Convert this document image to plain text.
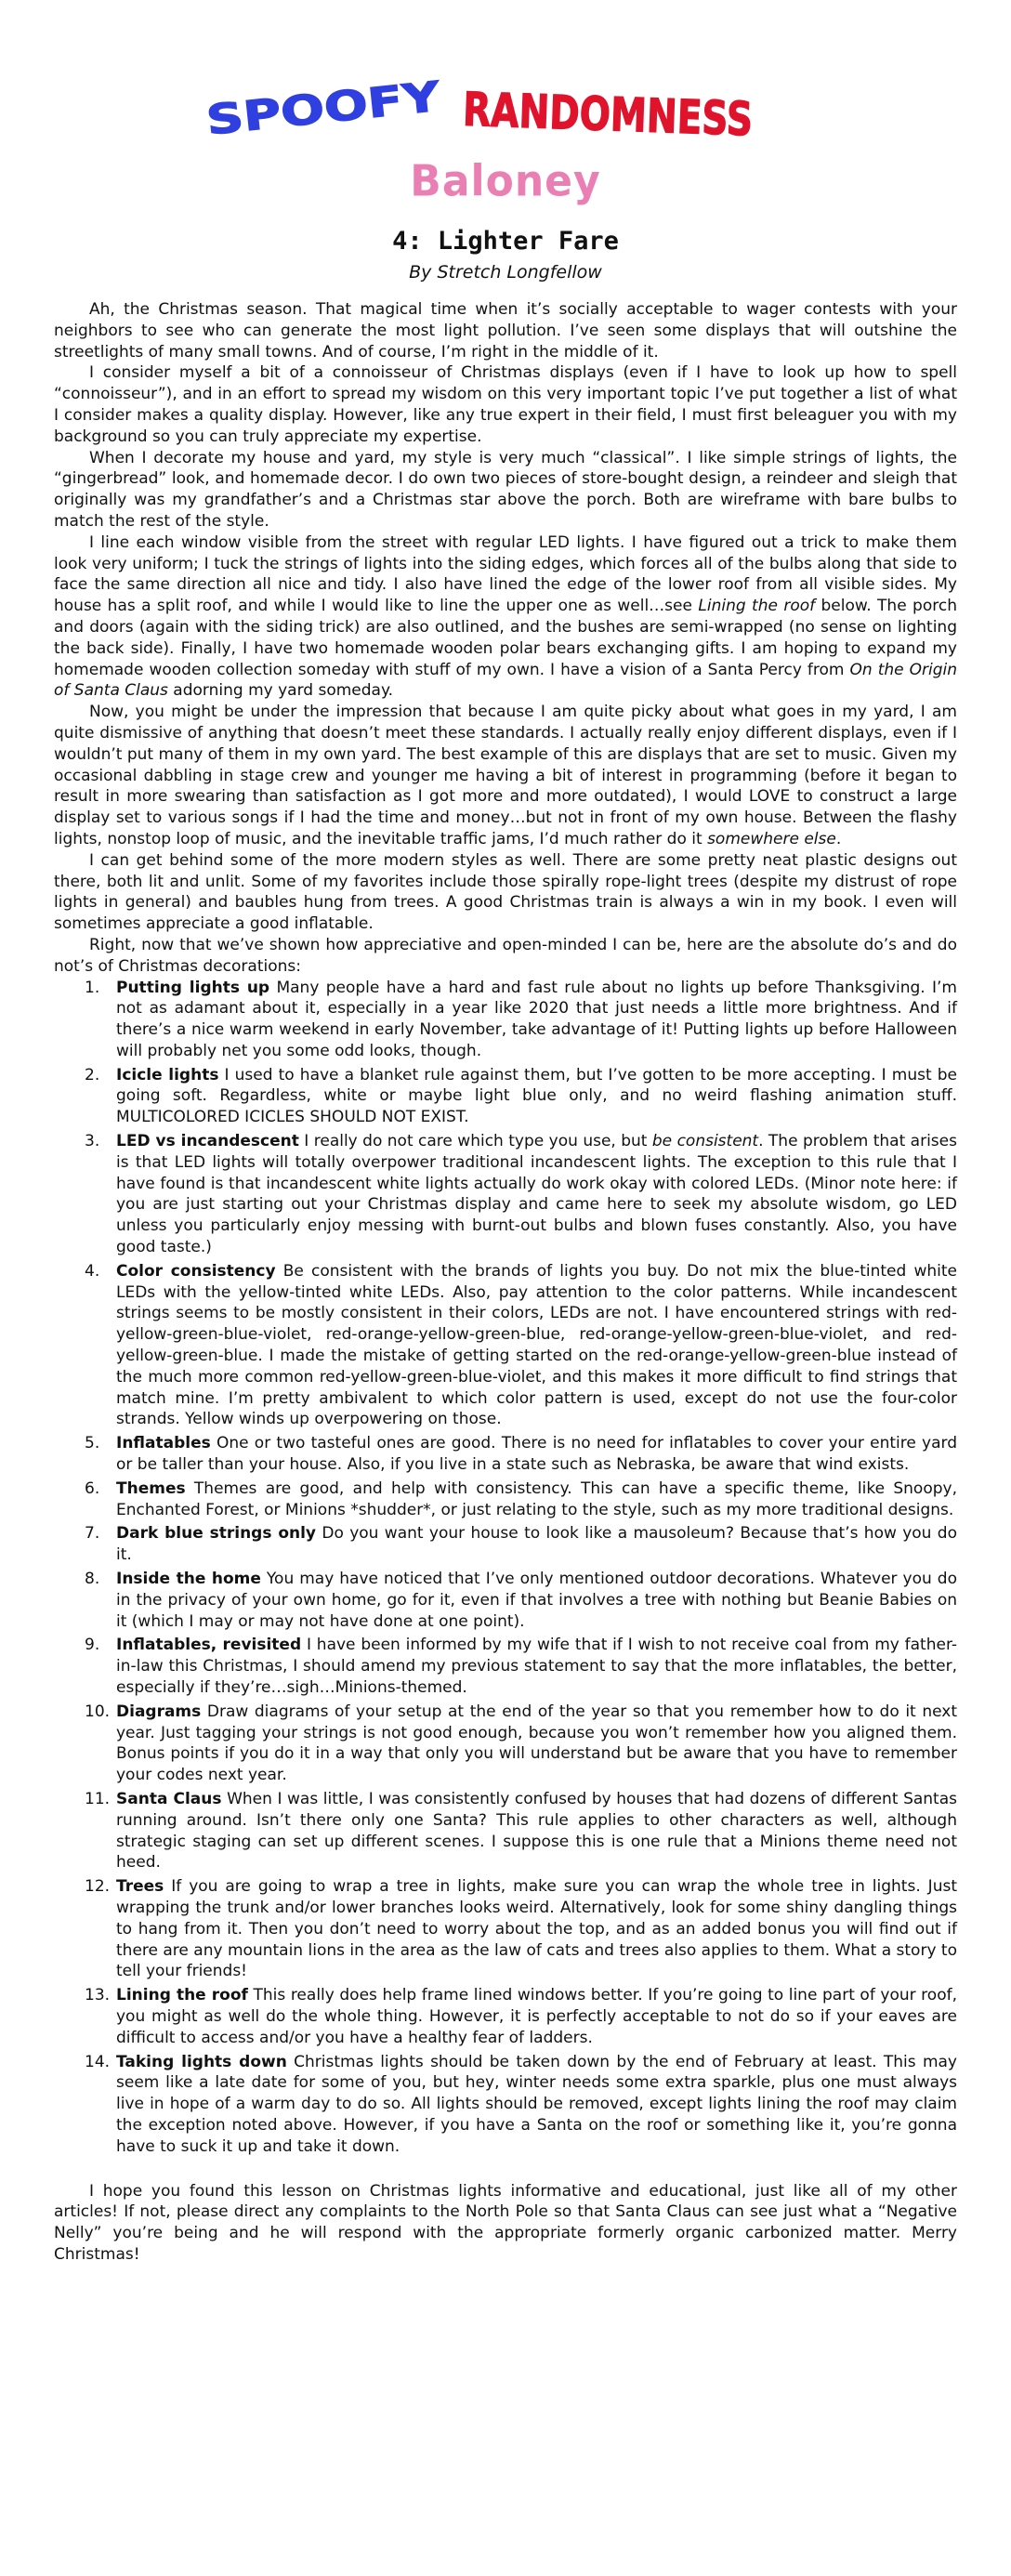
SPOOFY	RANDOMNESS
Baloney
4: Lighter Fare
By Stretch Longfellow

Ah, the Christmas season. That magical time when it’s socially acceptable to wager contests with your neighbors to see who can generate the most light pollution. I’ve seen some displays that will outshine the streetlights of many small towns. And of course, I’m right in the middle of it.

I consider myself a bit of a connoisseur of Christmas displays (even if I have to look up how to spell “connoisseur”), and in an effort to spread my wisdom on this very important topic I’ve put together a list of what I consider makes a quality display. However, like any true expert in their field, I must first beleaguer you with my background so you can truly appreciate my expertise.

When I decorate my house and yard, my style is very much “classical”. I like simple strings of lights, the “gingerbread” look, and homemade decor. I do own two pieces of store-bought design, a reindeer and sleigh that originally was my grandfather’s and a Christmas star above the porch. Both are wireframe with bare bulbs to match the rest of the style.

I line each window visible from the street with regular LED lights. I have figured out a trick to make them look very uniform; I tuck the strings of lights into the siding edges, which forces all of the bulbs along that side to face the same direction all nice and tidy. I also have lined the edge of the lower roof from all visible sides. My house has a split roof, and while I would like to line the upper one as well…see Lining the roof below. The porch and doors (again with the siding trick) are also outlined, and the bushes are semi-wrapped (no sense on lighting the back side). Finally, I have two homemade wooden polar bears exchanging gifts. I am hoping to expand my homemade wooden collection someday with stuff of my own. I have a vision of a Santa Percy from On the Origin of Santa Claus adorning my yard someday.

Now, you might be under the impression that because I am quite picky about what goes in my yard, I am quite dismissive of anything that doesn’t meet these standards. I actually really enjoy different displays, even if I wouldn’t put many of them in my own yard. The best example of this are displays that are set to music. Given my occasional dabbling in stage crew and younger me having a bit of interest in programming (before it began to result in more swearing than satisfaction as I got more and more outdated), I would LOVE to construct a large display set to various songs if I had the time and money…but not in front of my own house. Between the flashy lights, nonstop loop of music, and the inevitable traffic jams, I’d much rather do it somewhere else.

I can get behind some of the more modern styles as well. There are some pretty neat plastic designs out there, both lit and unlit. Some of my favorites include those spirally rope-light trees (despite my distrust of rope lights in general) and baubles hung from trees. A good Christmas train is always a win in my book. I even will sometimes appreciate a good inflatable.

Right, now that we’ve shown how appreciative and open-minded I can be, here are the absolute do’s and do not’s of Christmas decorations:

1. Putting lights up Many people have a hard and fast rule about no lights up before Thanksgiving. I’m not as adamant about it, especially in a year like 2020 that just needs a little more brightness. And if there’s a nice warm weekend in early November, take advantage of it! Putting lights up before Halloween will probably net you some odd looks, though.
2. Icicle lights I used to have a blanket rule against them, but I’ve gotten to be more accepting. I must be going soft. Regardless, white or maybe light blue only, and no weird flashing animation stuff. MULTICOLORED ICICLES SHOULD NOT EXIST.
3. LED vs incandescent I really do not care which type you use, but be consistent. The problem that arises is that LED lights will totally overpower traditional incandescent lights. The exception to this rule that I have found is that incandescent white lights actually do work okay with colored LEDs. (Minor note here: if you are just starting out your Christmas display and came here to seek my absolute wisdom, go LED unless you particularly enjoy messing with burnt-out bulbs and blown fuses constantly. Also, you have good taste.)
4. Color consistency Be consistent with the brands of lights you buy. Do not mix the blue-tinted white LEDs with the yellow-tinted white LEDs. Also, pay attention to the color patterns. While incandescent strings seems to be mostly consistent in their colors, LEDs are not. I have encountered strings with red-yellow-green-blue-violet, red-orange-yellow-green-blue, red-orange-yellow-green-blue-violet, and red-yellow-green-blue. I made the mistake of getting started on the red-orange-yellow-green-blue instead of the much more common red-yellow-green-blue-violet, and this makes it more difficult to find strings that match mine. I’m pretty ambivalent to which color pattern is used, except do not use the four-color strands. Yellow winds up overpowering on those.
5. Inflatables One or two tasteful ones are good. There is no need for inflatables to cover your entire yard or be taller than your house. Also, if you live in a state such as Nebraska, be aware that wind exists.
6. Themes Themes are good, and help with consistency. This can have a specific theme, like Snoopy, Enchanted Forest, or Minions *shudder*, or just relating to the style, such as my more traditional designs.
7. Dark blue strings only Do you want your house to look like a mausoleum? Because that’s how you do it.
8. Inside the home You may have noticed that I’ve only mentioned outdoor decorations. Whatever you do in the privacy of your own home, go for it, even if that involves a tree with nothing but Beanie Babies on it (which I may or may not have done at one point).
9. Inflatables, revisited I have been informed by my wife that if I wish to not receive coal from my father-in-law this Christmas, I should amend my previous statement to say that the more inflatables, the better, especially if they’re…sigh…Minions-themed.
10. Diagrams Draw diagrams of your setup at the end of the year so that you remember how to do it next year. Just tagging your strings is not good enough, because you won’t remember how you aligned them. Bonus points if you do it in a way that only you will understand but be aware that you have to remember your codes next year.
11. Santa Claus When I was little, I was consistently confused by houses that had dozens of different Santas running around. Isn’t there only one Santa? This rule applies to other characters as well, although strategic staging can set up different scenes. I suppose this is one rule that a Minions theme need not heed.
12. Trees If you are going to wrap a tree in lights, make sure you can wrap the whole tree in lights. Just wrapping the trunk and/or lower branches looks weird. Alternatively, look for some shiny dangling things to hang from it. Then you don’t need to worry about the top, and as an added bonus you will find out if there are any mountain lions in the area as the law of cats and trees also applies to them. What a story to tell your friends!
13. Lining the roof This really does help frame lined windows better. If you’re going to line part of your roof, you might as well do the whole thing. However, it is perfectly acceptable to not do so if your eaves are difficult to access and/or you have a healthy fear of ladders.
14. Taking lights down Christmas lights should be taken down by the end of February at least. This may seem like a late date for some of you, but hey, winter needs some extra sparkle, plus one must always live in hope of a warm day to do so. All lights should be removed, except lights lining the roof may claim the exception noted above. However, if you have a Santa on the roof or something like it, you’re gonna have to suck it up and take it down.

I hope you found this lesson on Christmas lights informative and educational, just like all of my other articles! If not, please direct any complaints to the North Pole so that Santa Claus can see just what a “Negative Nelly” you’re being and he will respond with the appropriate formerly organic carbonized matter. Merry Christmas!
